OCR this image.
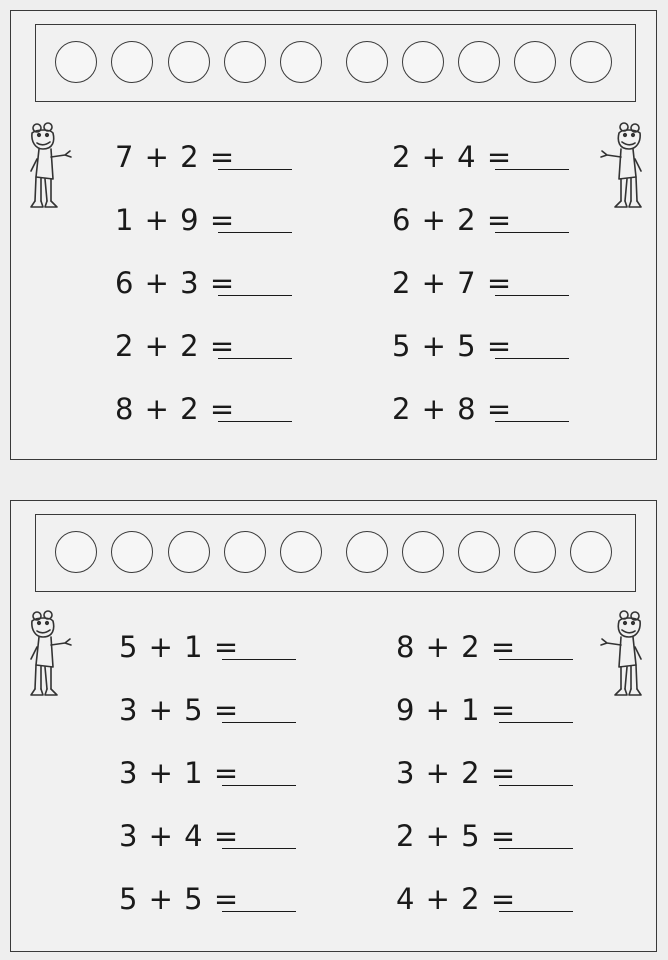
7 + 2 =
1 + 9 =
6 + 3 =
2 + 2 =
8 + 2 =
2 + 4 =
6 + 2 =
2 + 7 =
5 + 5 =
2 + 8 =
5 + 1 =
3 + 5 =
3 + 1 =
3 + 4 =
5 + 5 =
8 + 2 =
9 + 1 =
3 + 2 =
2 + 5 =
4 + 2 =
